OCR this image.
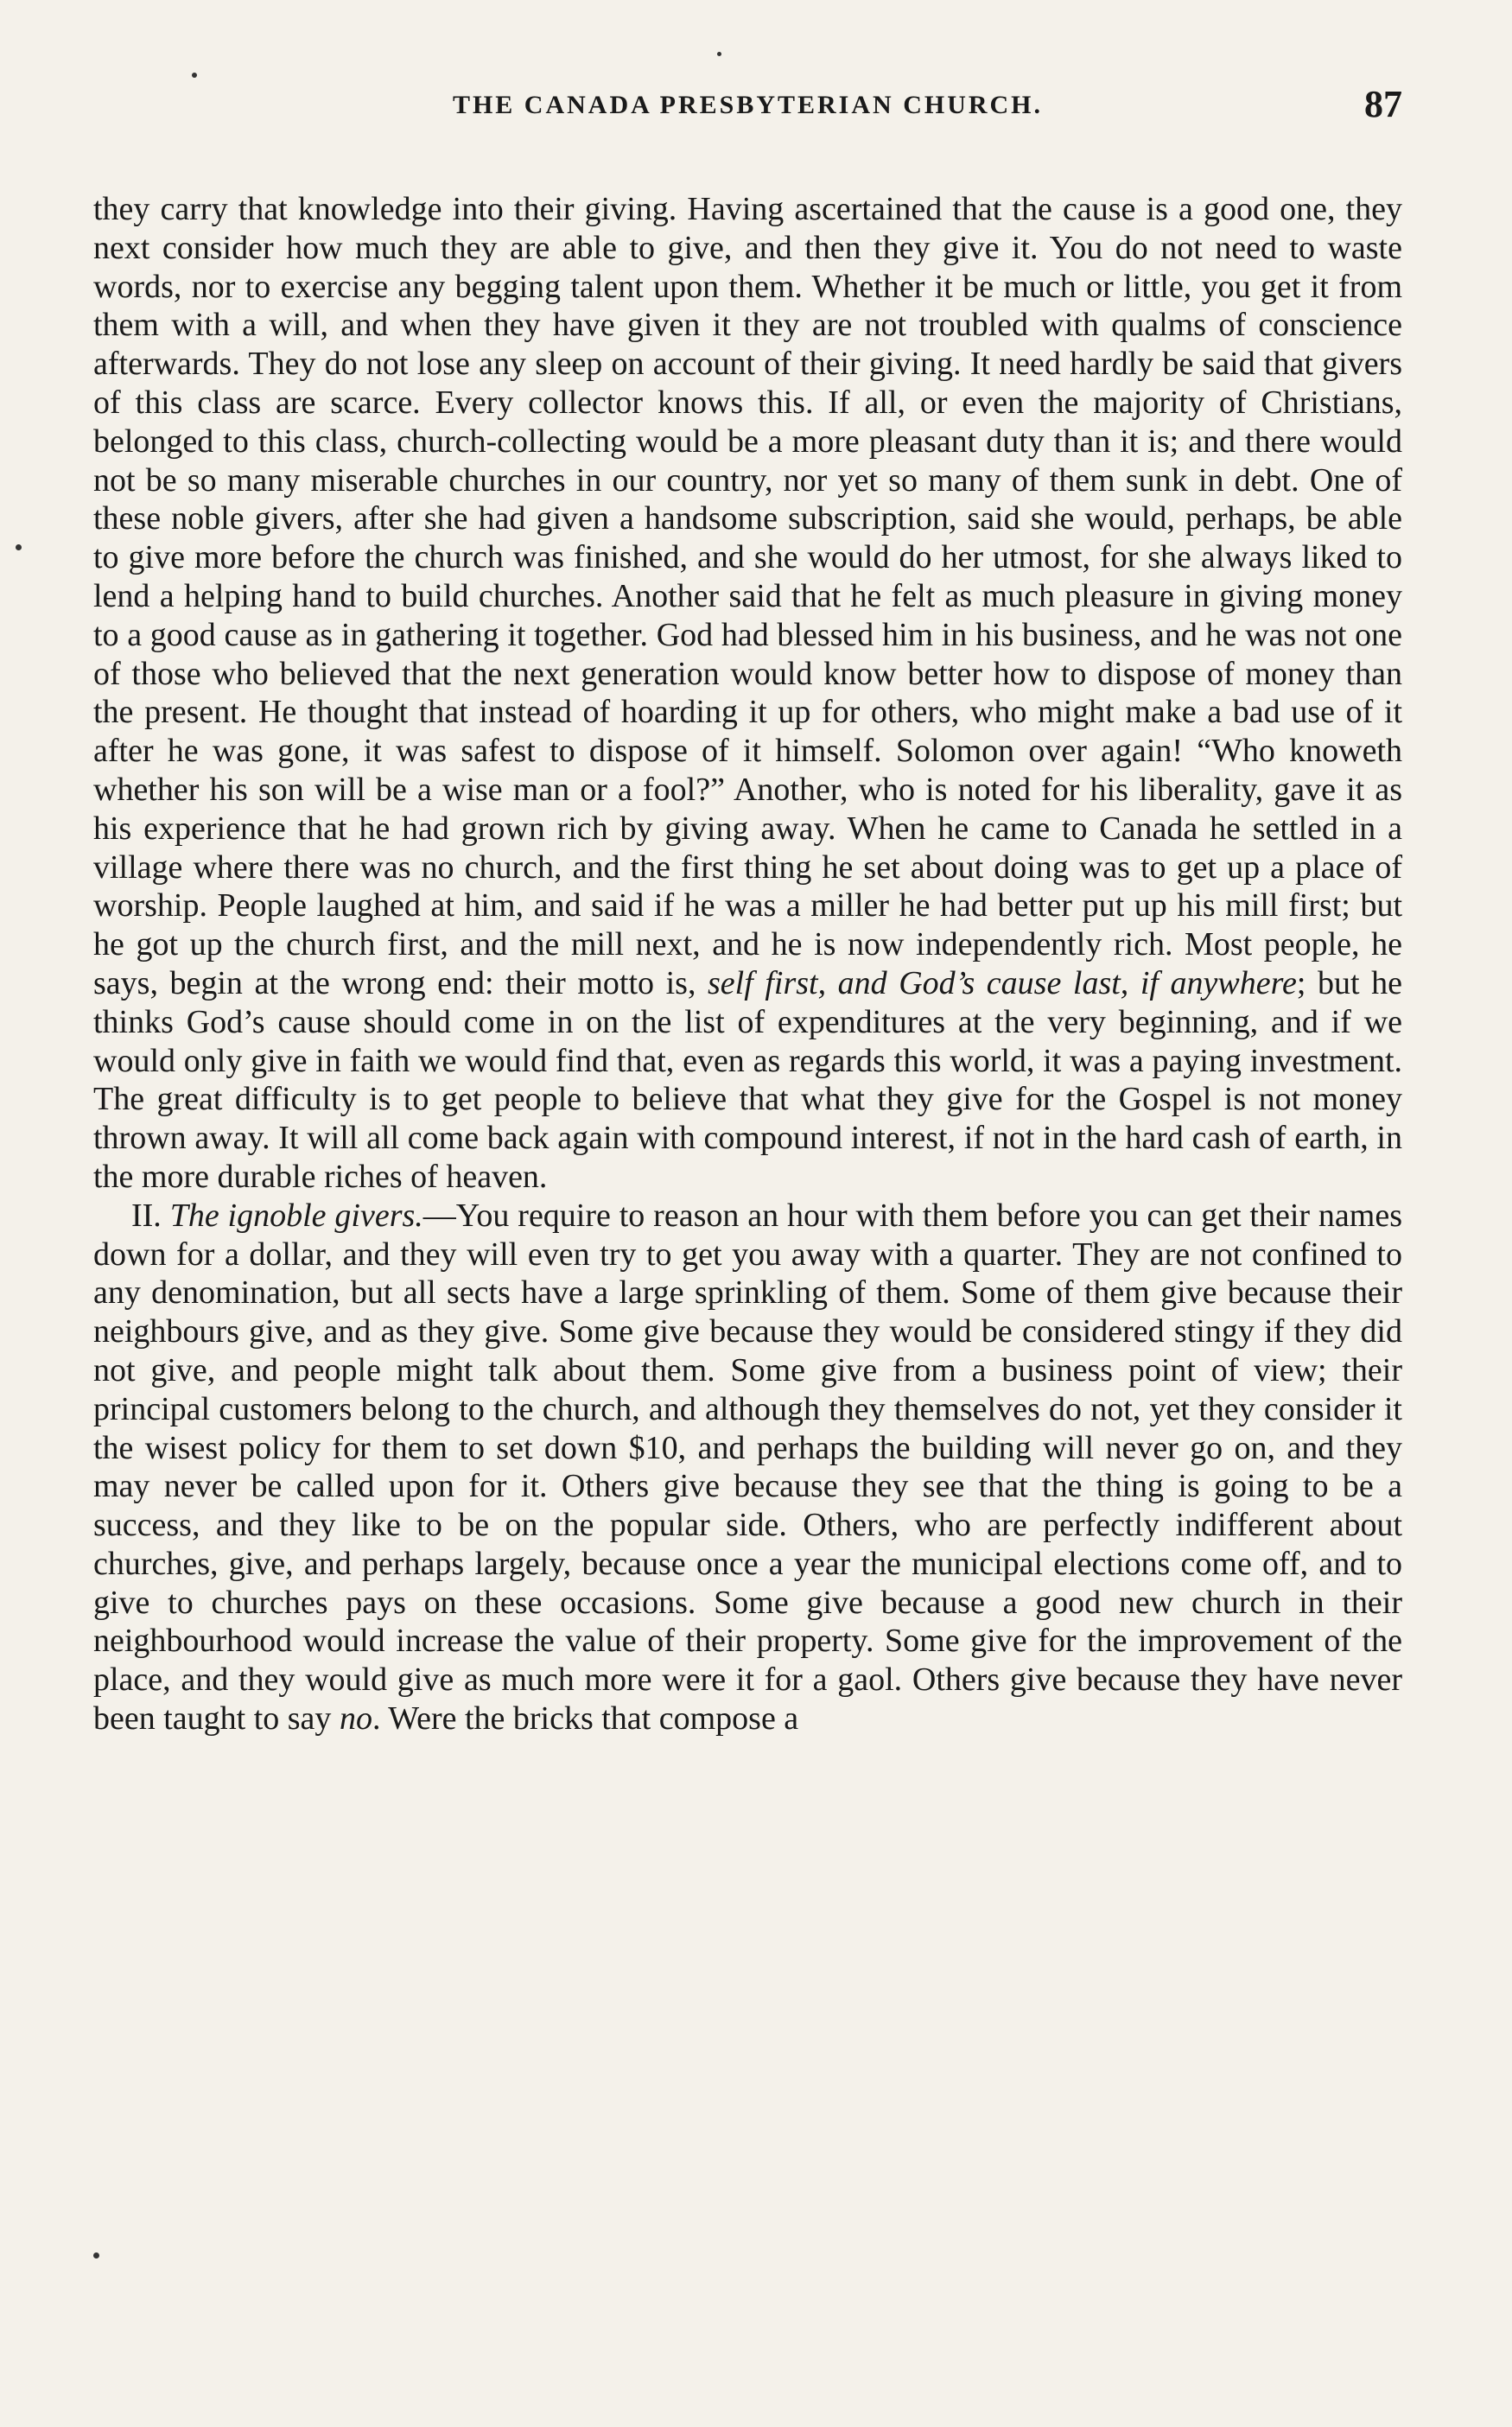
THE CANADA PRESBYTERIAN CHURCH.	87

they carry that knowledge into their giving. Having ascertained that the cause is a good one, they next consider how much they are able to give, and then they give it. You do not need to waste words, nor to exercise any begging talent upon them. Whether it be much or little, you get it from them with a will, and when they have given it they are not troubled with qualms of conscience afterwards. They do not lose any sleep on account of their giving. It need hardly be said that givers of this class are scarce. Every collector knows this. If all, or even the majority of Christians, belonged to this class, church-collecting would be a more pleasant duty than it is; and there would not be so many miserable churches in our country, nor yet so many of them sunk in debt. One of these noble givers, after she had given a handsome subscription, said she would, perhaps, be able to give more before the church was finished, and she would do her utmost, for she always liked to lend a helping hand to build churches. Another said that he felt as much pleasure in giving money to a good cause as in gathering it together. God had blessed him in his business, and he was not one of those who believed that the next generation would know better how to dispose of money than the present. He thought that instead of hoarding it up for others, who might make a bad use of it after he was gone, it was safest to dispose of it himself. Solomon over again! “Who knoweth whether his son will be a wise man or a fool?” Another, who is noted for his liberality, gave it as his experience that he had grown rich by giving away. When he came to Canada he settled in a village where there was no church, and the first thing he set about doing was to get up a place of worship. People laughed at him, and said if he was a miller he had better put up his mill first; but he got up the church first, and the mill next, and he is now independently rich. Most people, he says, begin at the wrong end: their motto is, self first, and God’s cause last, if anywhere; but he thinks God’s cause should come in on the list of expenditures at the very beginning, and if we would only give in faith we would find that, even as regards this world, it was a paying investment. The great difficulty is to get people to believe that what they give for the Gospel is not money thrown away. It will all come back again with compound interest, if not in the hard cash of earth, in the more durable riches of heaven.

II. The ignoble givers.—You require to reason an hour with them before you can get their names down for a dollar, and they will even try to get you away with a quarter. They are not confined to any denomination, but all sects have a large sprinkling of them. Some of them give because their neighbours give, and as they give. Some give because they would be considered stingy if they did not give, and people might talk about them. Some give from a business point of view; their principal customers belong to the church, and although they themselves do not, yet they consider it the wisest policy for them to set down $10, and perhaps the building will never go on, and they may never be called upon for it. Others give because they see that the thing is going to be a success, and they like to be on the popular side. Others, who are perfectly indifferent about churches, give, and perhaps largely, because once a year the municipal elections come off, and to give to churches pays on these occasions. Some give because a good new church in their neighbourhood would increase the value of their property. Some give for the improvement of the place, and they would give as much more were it for a gaol. Others give because they have never been taught to say no. Were the bricks that compose a
